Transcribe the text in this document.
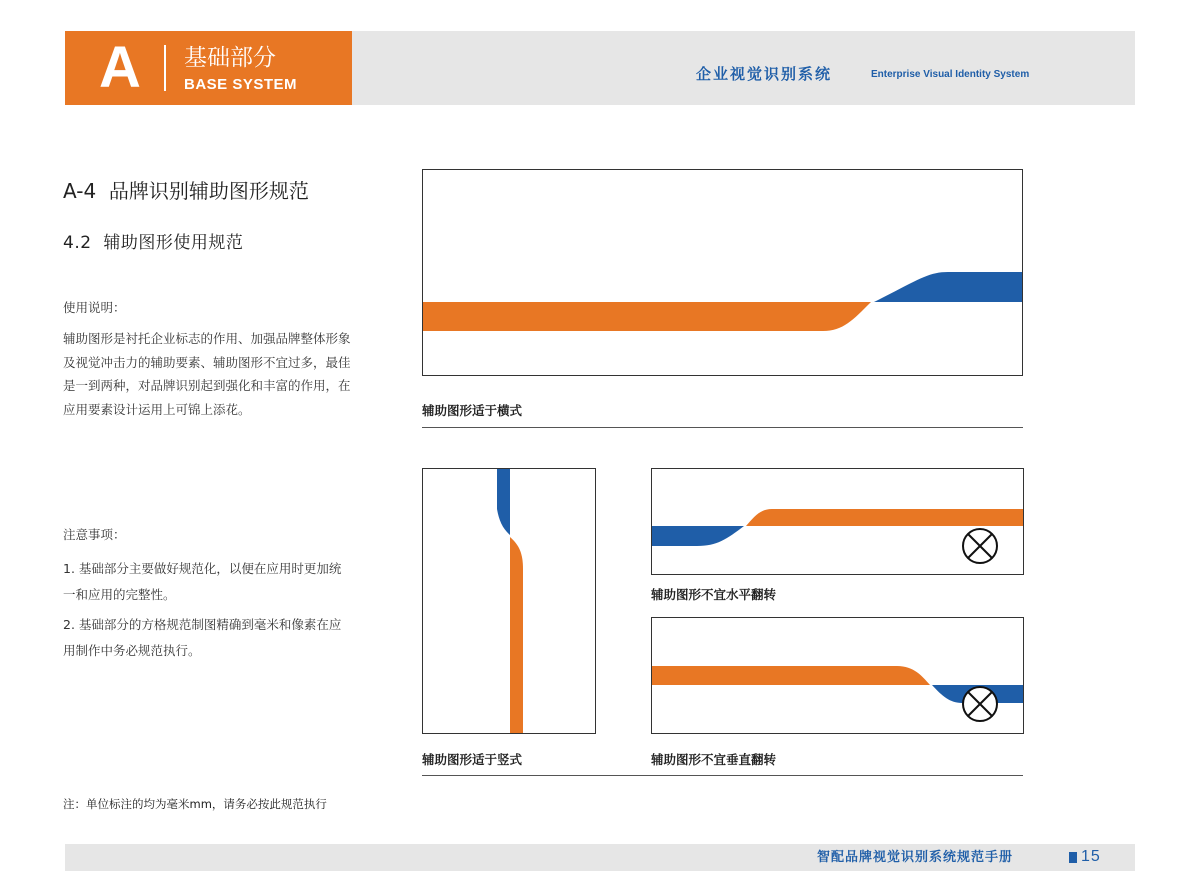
A	基础部分
BASE SYSTEM
企业视觉识别系统	Enterprise Visual Identity System
A-4  品牌识别辅助图形规范
4.2  辅助图形使用规范
使用说明：
辅助图形是衬托企业标志的作用、加强品牌整体形象及视觉冲击力的辅助要素、辅助图形不宜过多，最佳是一到两种，对品牌识别起到强化和丰富的作用，在应用要素设计运用上可锦上添花。
注意事项：
1. 基础部分主要做好规范化，以便在应用时更加统一和应用的完整性。
2. 基础部分的方格规范制图精确到毫米和像素在应用制作中务必规范执行。
注：单位标注的均为毫米mm，请务必按此规范执行
辅助图形适于横式
辅助图形适于竖式
辅助图形不宜水平翻转
辅助图形不宜垂直翻转
智配品牌视觉识别系统规范手册	15
